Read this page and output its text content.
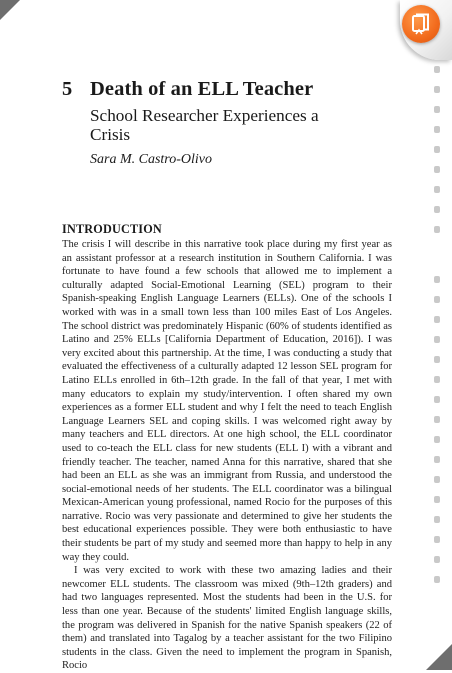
5 Death of an ELL Teacher
School Researcher Experiences a Crisis

Sara M. Castro-Olivo

INTRODUCTION

The crisis I will describe in this narrative took place during my first year as an assistant professor at a research institution in Southern California. I was fortunate to have found a few schools that allowed me to implement a culturally adapted Social-Emotional Learning (SEL) program to their Spanish-speaking English Language Learners (ELLs). One of the schools I worked with was in a small town less than 100 miles East of Los Angeles. The school district was predominately Hispanic (60% of students identified as Latino and 25% ELLs [California Department of Education, 2016]). I was very excited about this partnership. At the time, I was conducting a study that evaluated the effectiveness of a culturally adapted 12 lesson SEL program for Latino ELLs enrolled in 6th–12th grade. In the fall of that year, I met with many educators to explain my study/intervention. I often shared my own experiences as a former ELL student and why I felt the need to teach English Language Learners SEL and coping skills. I was welcomed right away by many teachers and ELL directors. At one high school, the ELL coordinator used to co-teach the ELL class for new students (ELL I) with a vibrant and friendly teacher. The teacher, named Anna for this narrative, shared that she had been an ELL as she was an immigrant from Russia, and understood the social-emotional needs of her students. The ELL coordinator was a bilingual Mexican-American young professional, named Rocio for the purposes of this narrative. Rocio was very passionate and determined to give her students the best educational experiences possible. They were both enthusiastic to have their students be part of my study and seemed more than happy to help in any way they could.

I was very excited to work with these two amazing ladies and their newcomer ELL students. The classroom was mixed (9th–12th graders) and had two languages represented. Most the students had been in the U.S. for less than one year. Because of the students' limited English language skills, the program was delivered in Spanish for the native Spanish speakers (22 of them) and translated into Tagalog by a teacher assistant for the two Filipino students in the class. Given the need to implement the program in Spanish, Rocio
